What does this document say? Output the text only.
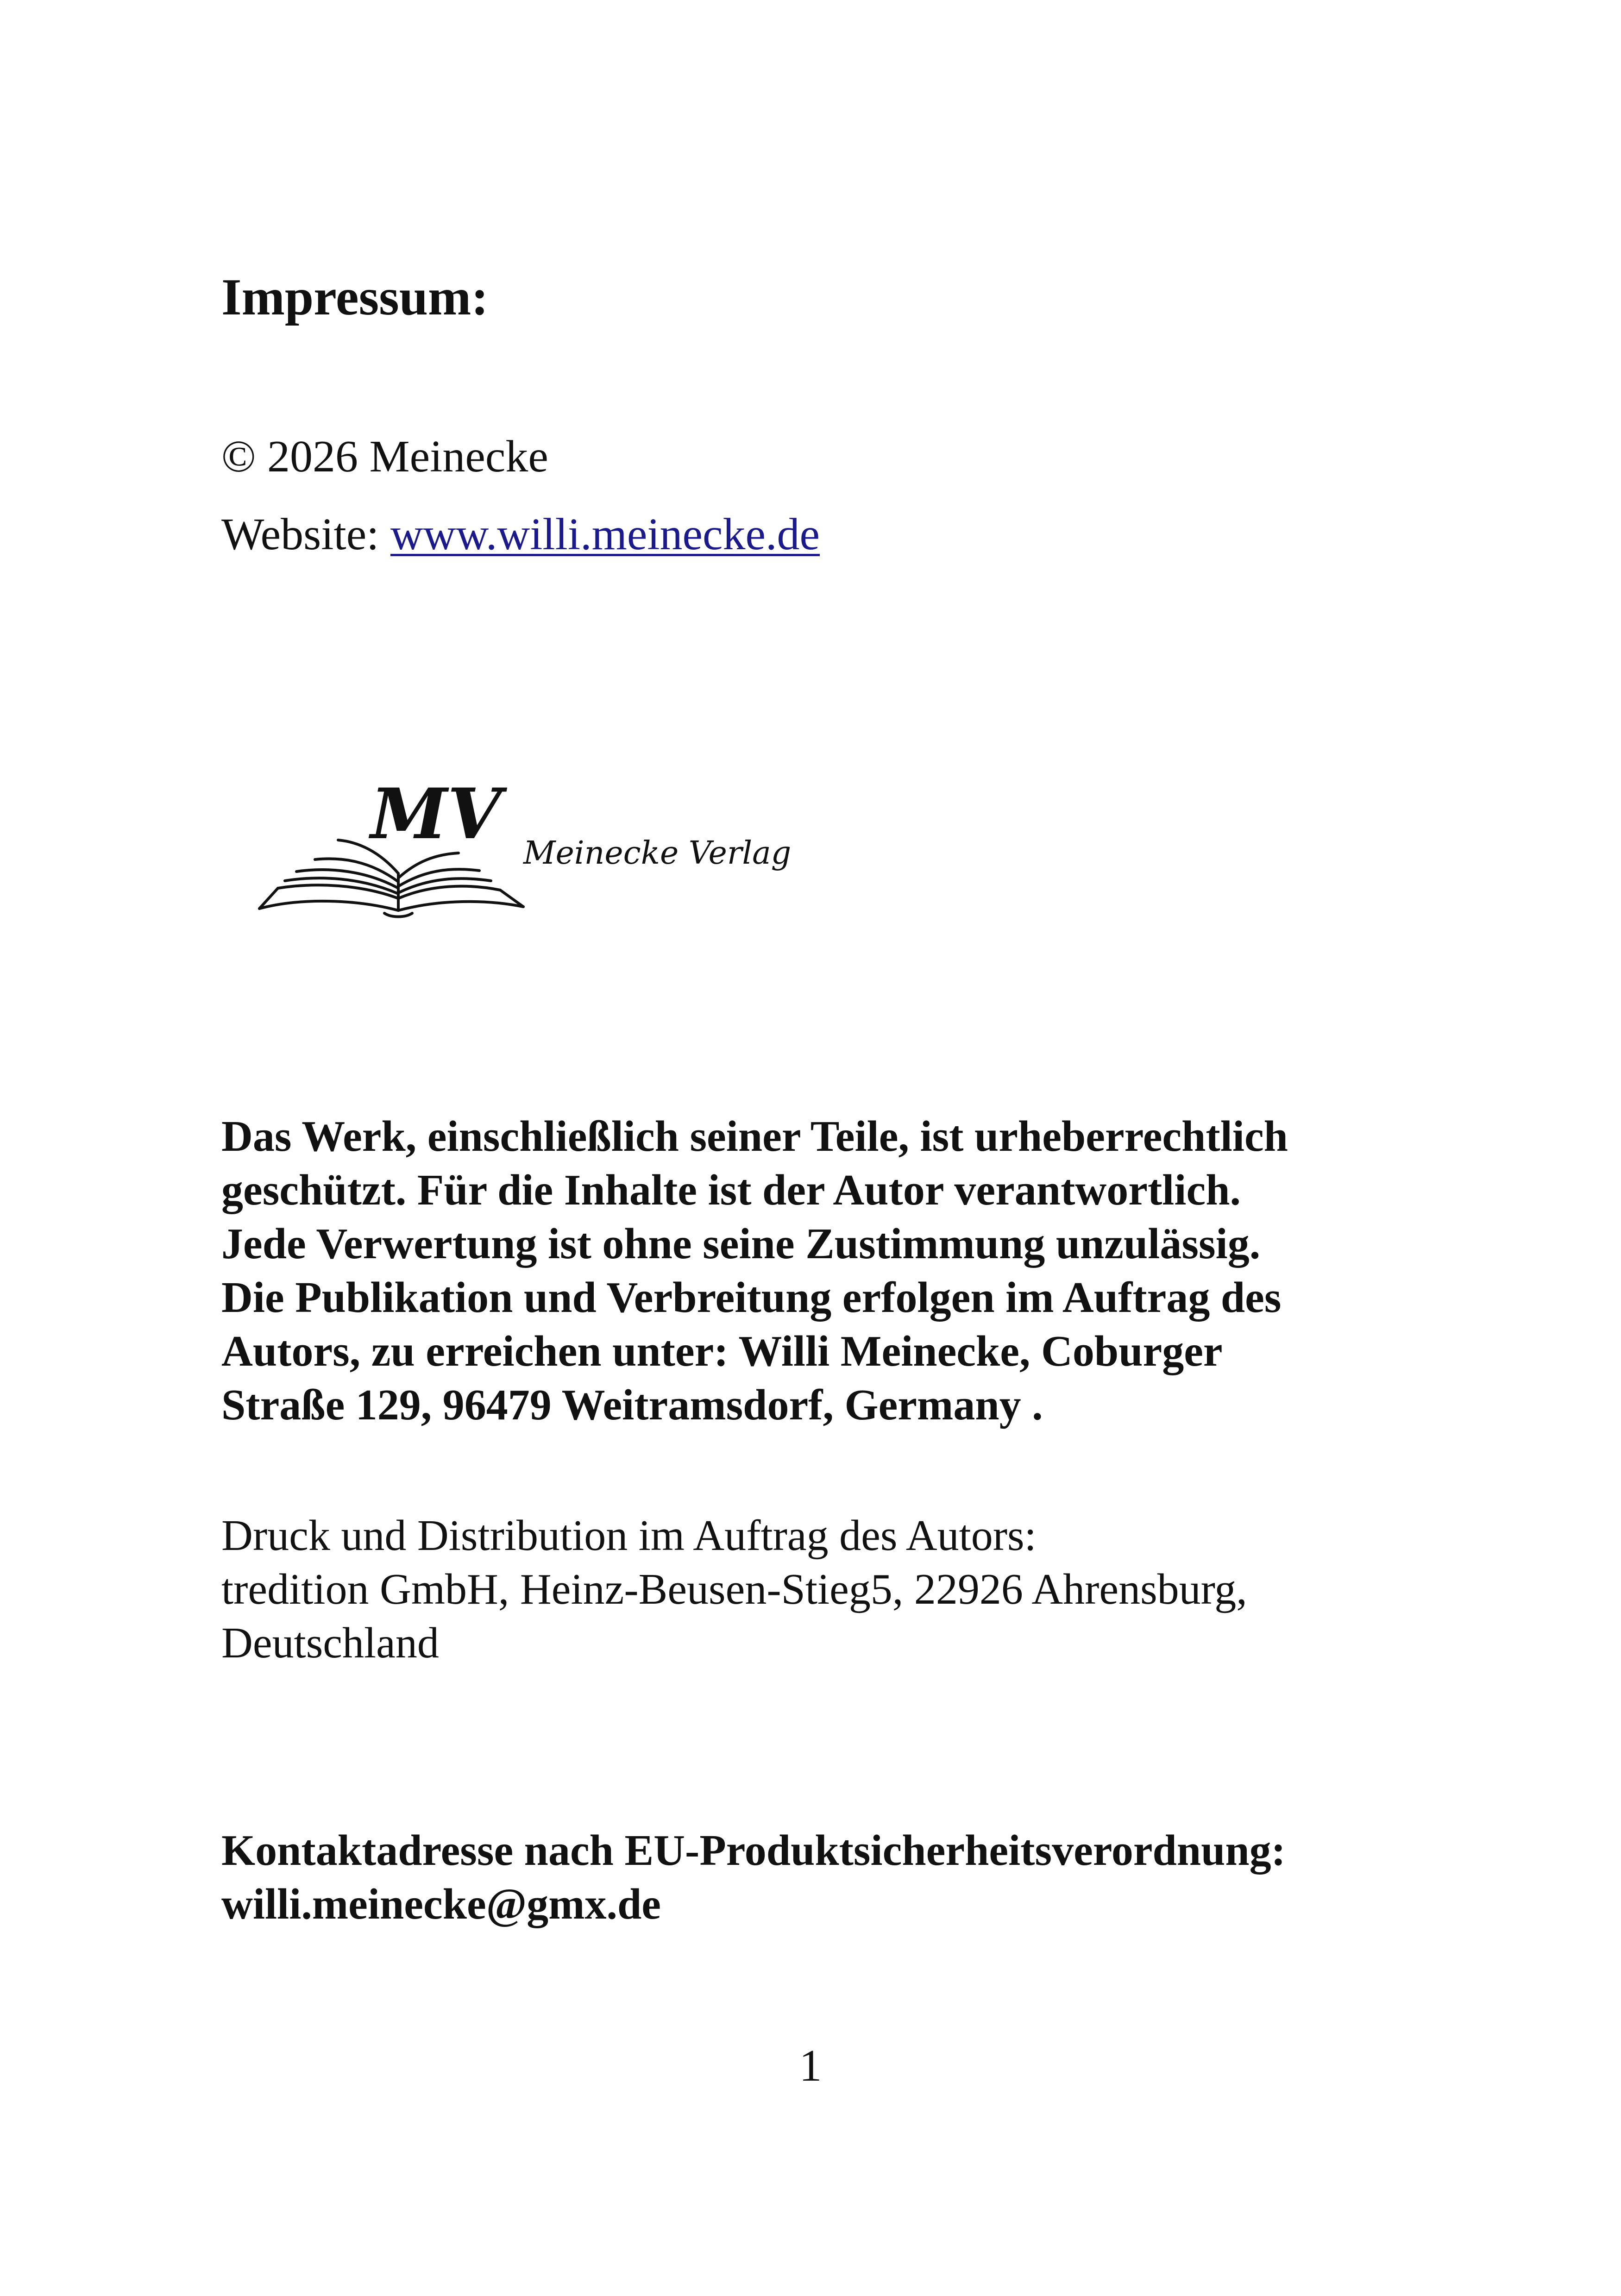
Impressum:
© 2026 Meinecke
Website: www.willi.meinecke.de
MV Meinecke Verlag
Das Werk, einschließlich seiner Teile, ist urheberrechtlich
geschützt. Für die Inhalte ist der Autor verantwortlich.
Jede Verwertung ist ohne seine Zustimmung unzulässig.
Die Publikation und Verbreitung erfolgen im Auftrag des
Autors, zu erreichen unter: Willi Meinecke, Coburger
Straße 129, 96479 Weitramsdorf, Germany .
Druck und Distribution im Auftrag des Autors:
tredition GmbH, Heinz-Beusen-Stieg5, 22926 Ahrensburg,
Deutschland
Kontaktadresse nach EU-Produktsicherheitsverordnung:
willi.meinecke@gmx.de
1
